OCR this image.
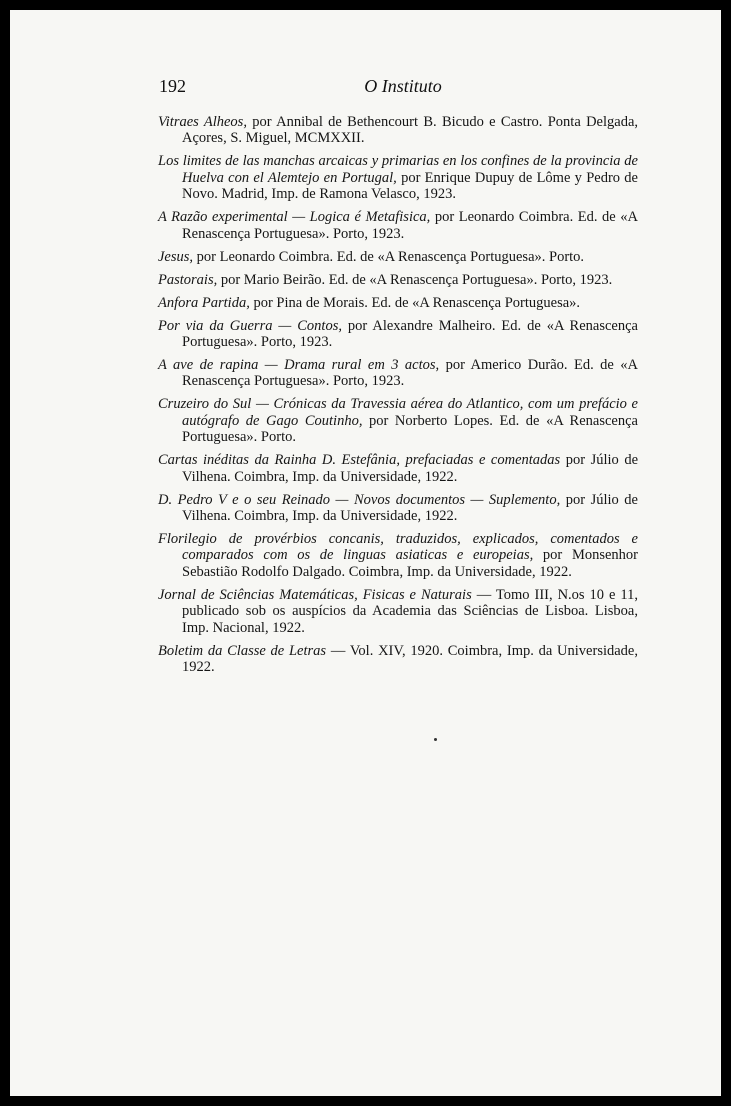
192	O Instituto

Vitraes Alheos, por Annibal de Bethencourt B. Bicudo e Castro. Ponta Delgada, Açores, S. Miguel, MCMXXII.

Los limites de las manchas arcaicas y primarias en los confines de la provincia de Huelva con el Alemtejo en Portugal, por Enrique Dupuy de Lôme y Pedro de Novo. Madrid, Imp. de Ramona Velasco, 1923.

A Razão experimental — Logica é Metafisica, por Leonardo Coimbra. Ed. de «A Renascença Portuguesa». Porto, 1923.

Jesus, por Leonardo Coimbra. Ed. de «A Renascença Portuguesa». Porto.

Pastorais, por Mario Beirão. Ed. de «A Renascença Portuguesa». Porto, 1923.

Anfora Partida, por Pina de Morais. Ed. de «A Renascença Portuguesa».

Por via da Guerra — Contos, por Alexandre Malheiro. Ed. de «A Renascença Portuguesa». Porto, 1923.

A ave de rapina — Drama rural em 3 actos, por Americo Durão. Ed. de «A Renascença Portuguesa». Porto, 1923.

Cruzeiro do Sul — Crónicas da Travessia aérea do Atlantico, com um prefácio e autógrafo de Gago Coutinho, por Norberto Lopes. Ed. de «A Renascença Portuguesa». Porto.

Cartas inéditas da Rainha D. Estefânia, prefaciadas e comentadas por Júlio de Vilhena. Coimbra, Imp. da Universidade, 1922.

D. Pedro V e o seu Reinado — Novos documentos — Suplemento, por Júlio de Vilhena. Coimbra, Imp. da Universidade, 1922.

Florilegio de provérbios concanis, traduzidos, explicados, comentados e comparados com os de linguas asiaticas e europeias, por Monsenhor Sebastião Rodolfo Dalgado. Coimbra, Imp. da Universidade, 1922.

Jornal de Sciências Matemáticas, Fisicas e Naturais — Tomo III, N.os 10 e 11, publicado sob os auspícios da Academia das Sciências de Lisboa. Lisboa, Imp. Nacional, 1922.

Boletim da Classe de Letras — Vol. XIV, 1920. Coimbra, Imp. da Universidade, 1922.
